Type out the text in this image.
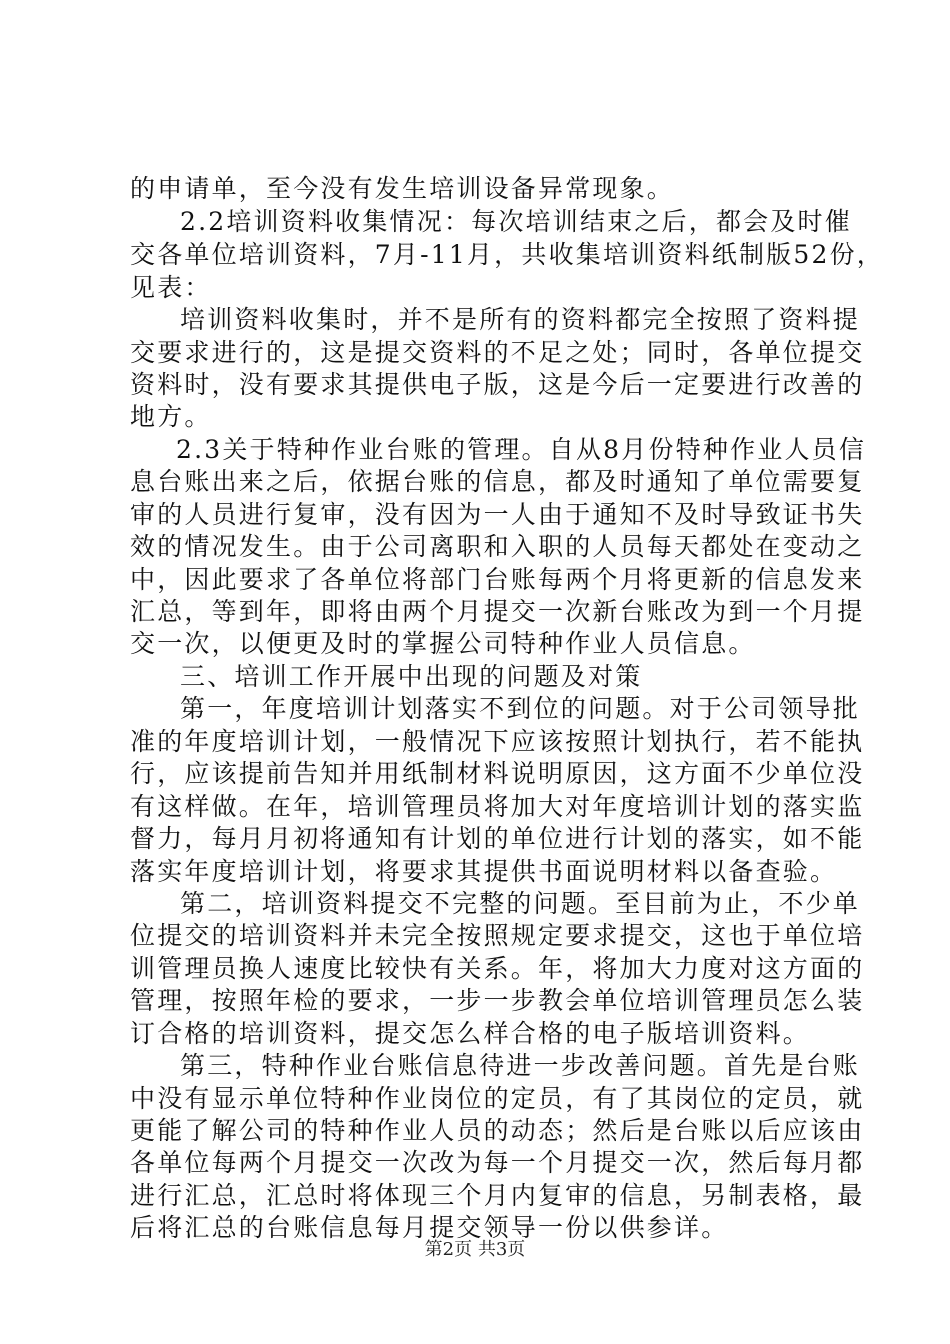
的申请单，至今没有发生培训设备异常现象。
2.2培训资料收集情况：每次培训结束之后，都会及时催
交各单位培训资料，7月-11月，共收集培训资料纸制版52份，
见表：
培训资料收集时，并不是所有的资料都完全按照了资料提
交要求进行的，这是提交资料的不足之处；同时，各单位提交
资料时，没有要求其提供电子版，这是今后一定要进行改善的
地方。
2.3关于特种作业台账的管理。自从8月份特种作业人员信
息台账出来之后，依据台账的信息，都及时通知了单位需要复
审的人员进行复审，没有因为一人由于通知不及时导致证书失
效的情况发生。由于公司离职和入职的人员每天都处在变动之
中，因此要求了各单位将部门台账每两个月将更新的信息发来
汇总，等到年，即将由两个月提交一次新台账改为到一个月提
交一次，以便更及时的掌握公司特种作业人员信息。
三、培训工作开展中出现的问题及对策
第一，年度培训计划落实不到位的问题。对于公司领导批
准的年度培训计划，一般情况下应该按照计划执行，若不能执
行，应该提前告知并用纸制材料说明原因，这方面不少单位没
有这样做。在年，培训管理员将加大对年度培训计划的落实监
督力，每月月初将通知有计划的单位进行计划的落实，如不能
落实年度培训计划，将要求其提供书面说明材料以备查验。
第二，培训资料提交不完整的问题。至目前为止，不少单
位提交的培训资料并未完全按照规定要求提交，这也于单位培
训管理员换人速度比较快有关系。年，将加大力度对这方面的
管理，按照年检的要求，一步一步教会单位培训管理员怎么装
订合格的培训资料，提交怎么样合格的电子版培训资料。
第三，特种作业台账信息待进一步改善问题。首先是台账
中没有显示单位特种作业岗位的定员，有了其岗位的定员，就
更能了解公司的特种作业人员的动态；然后是台账以后应该由
各单位每两个月提交一次改为每一个月提交一次，然后每月都
进行汇总，汇总时将体现三个月内复审的信息，另制表格，最
后将汇总的台账信息每月提交领导一份以供参详。
第2页 共3页
